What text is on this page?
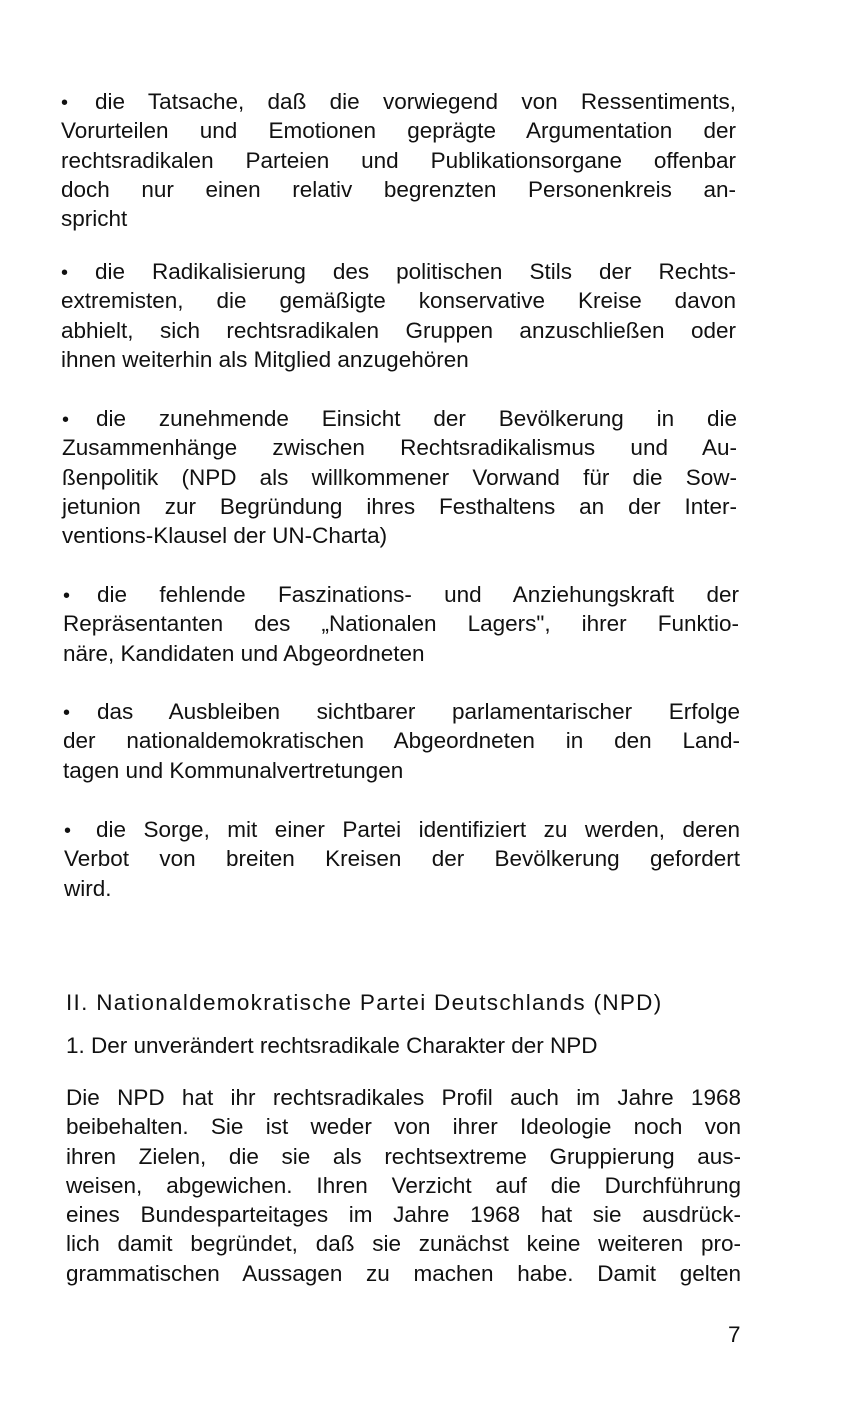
• die Tatsache, daß die vorwiegend von Ressentiments,
Vorurteilen und Emotionen geprägte Argumentation der
rechtsradikalen Parteien und Publikationsorgane offenbar
doch nur einen relativ begrenzten Personenkreis an-
spricht
• die Radikalisierung des politischen Stils der Rechts-
extremisten, die gemäßigte konservative Kreise davon
abhielt, sich rechtsradikalen Gruppen anzuschließen oder
ihnen weiterhin als Mitglied anzugehören
• die zunehmende Einsicht der Bevölkerung in die
Zusammenhänge zwischen Rechtsradikalismus und Au-
ßenpolitik (NPD als willkommener Vorwand für die Sow-
jetunion zur Begründung ihres Festhaltens an der Inter-
ventions-Klausel der UN-Charta)
• die fehlende Faszinations- und Anziehungskraft der
Repräsentanten des „Nationalen Lagers", ihrer Funktio-
näre, Kandidaten und Abgeordneten
• das Ausbleiben sichtbarer parlamentarischer Erfolge
der nationaldemokratischen Abgeordneten in den Land-
tagen und Kommunalvertretungen
• die Sorge, mit einer Partei identifiziert zu werden, deren
Verbot von breiten Kreisen der Bevölkerung gefordert
wird.
II. Nationaldemokratische Partei Deutschlands (NPD)
1. Der unverändert rechtsradikale Charakter der NPD
Die NPD hat ihr rechtsradikales Profil auch im Jahre 1968
beibehalten. Sie ist weder von ihrer Ideologie noch von
ihren Zielen, die sie als rechtsextreme Gruppierung aus-
weisen, abgewichen. Ihren Verzicht auf die Durchführung
eines Bundesparteitages im Jahre 1968 hat sie ausdrück-
lich damit begründet, daß sie zunächst keine weiteren pro-
grammatischen Aussagen zu machen habe. Damit gelten
7
